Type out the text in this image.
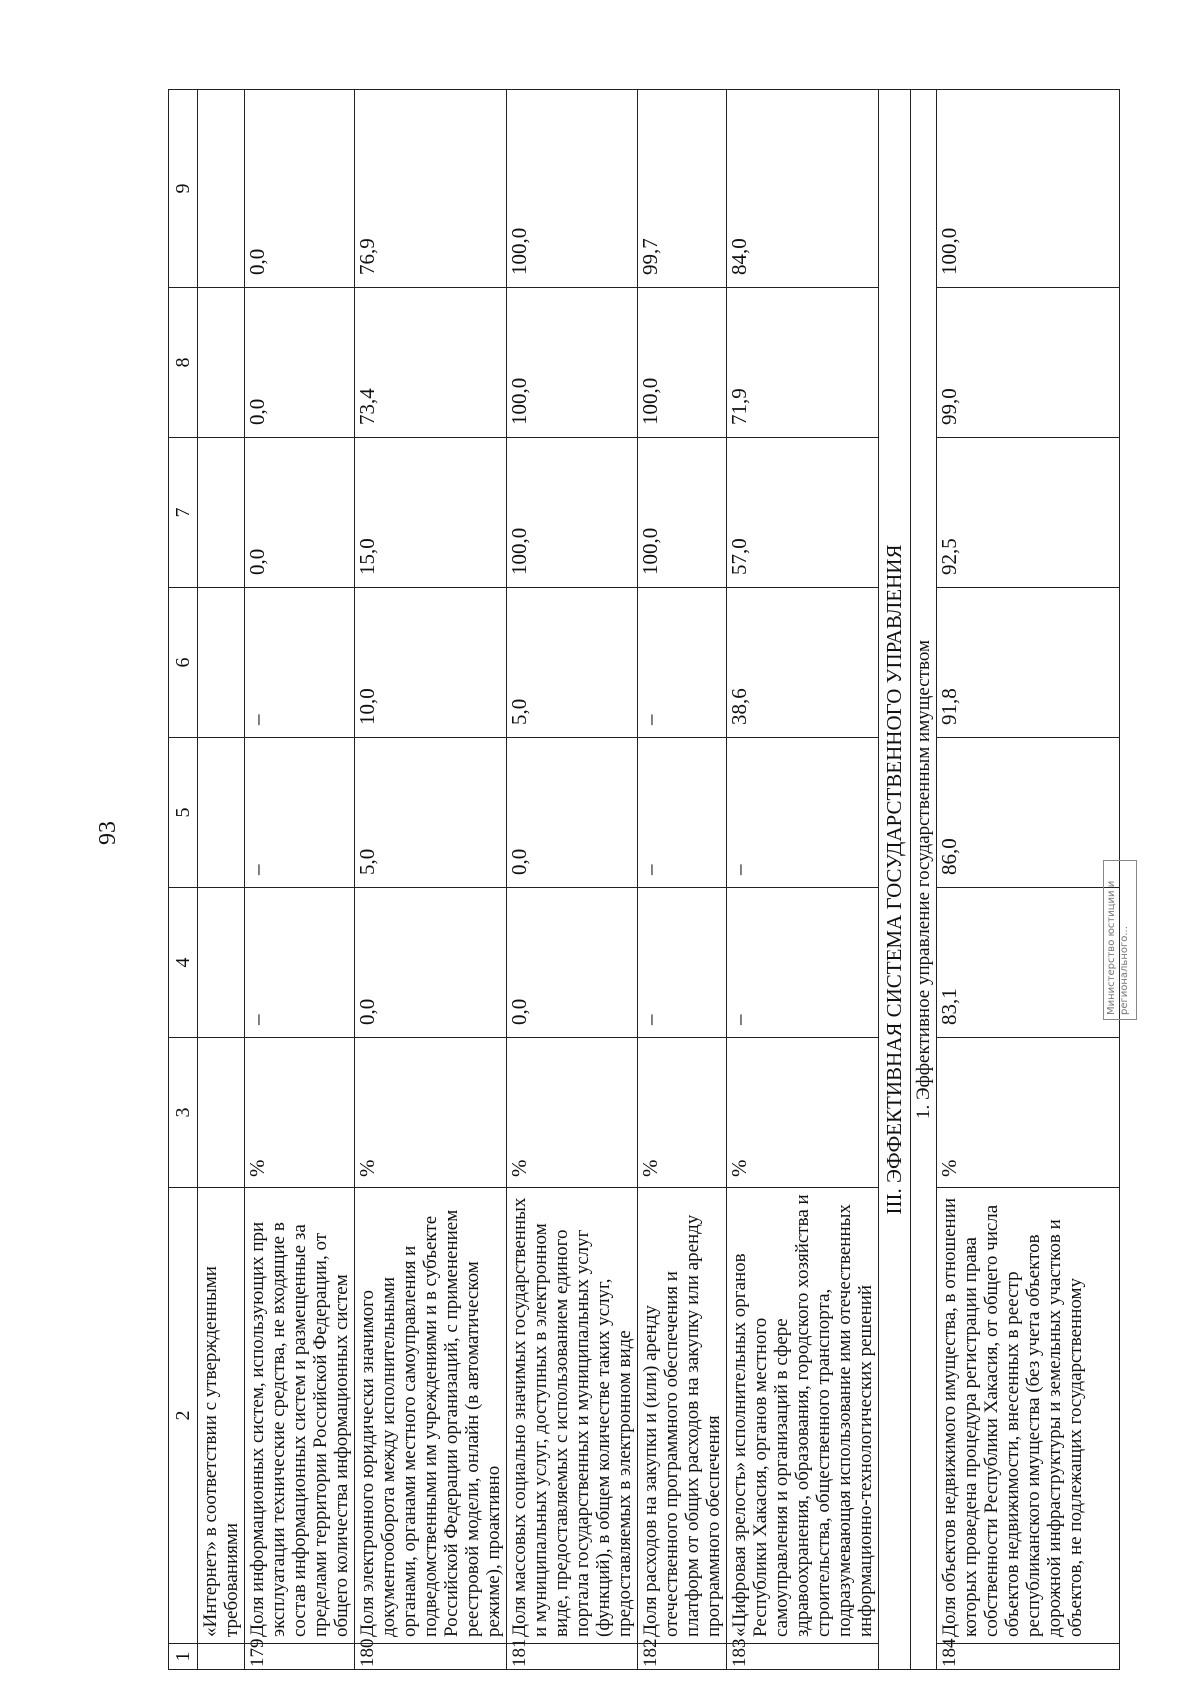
93
1	2	3	4	5	6	7	8	9
	«Интернет» в соответствии с утвержденными требованиями							
179	Доля информационных систем, использующих при эксплуатации технические средства, не входящие в состав информационных систем и размещенные за пределами территории Российской Федерации, от общего количества информационных систем	%	–	–	–	0,0	0,0	0,0
180	Доля электронного юридически значимого документооборота между исполнительными органами, органами местного самоуправления и подведомственными им учреждениями и в субъекте Российской Федерации организаций, с применением реестровой модели, онлайн (в автоматическом режиме), проактивно	%	0,0	5,0	10,0	15,0	73,4	76,9
181	Доля массовых социально значимых государственных и муниципальных услуг, доступных в электронном виде, предоставляемых с использованием единого портала государственных и муниципальных услуг (функций), в общем количестве таких услуг, предоставляемых в электронном виде	%	0,0	0,0	5,0	100,0	100,0	100,0
182	Доля расходов на закупки и (или) аренду отечественного программного обеспечения и платформ от общих расходов на закупку или аренду программного обеспечения	%	–	–	–	100,0	100,0	99,7
183	«Цифровая зрелость» исполнительных органов Республики Хакасия, органов местного самоуправления и организаций в сфере здравоохранения, образования, городского хозяйства и строительства, общественного транспорта, подразумевающая использование ими отечественных информационно-технологических решений	%	–	–	38,6	57,0	71,9	84,0
III. ЭФФЕКТИВНАЯ СИСТЕМА ГОСУДАРСТВЕННОГО УПРАВЛЕНИЯ								
1. Эффективное управление государственным имуществом								
184	Доля объектов недвижимого имущества, в отношении которых проведена процедура регистрации права собственности Республики Хакасия, от общего числа объектов недвижимости, внесенных в реестр республиканского имущества (без учета объектов дорожной инфраструктуры и земельных участков и объектов, не подлежащих государственному	%	83,1	86,0	91,8	92,5	99,0	100,0
Министерство юстиции и регионального...
